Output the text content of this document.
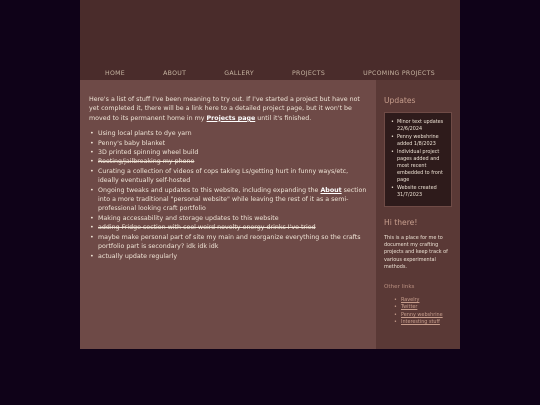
HOME	ABOUT	GALLERY	PROJECTS	UPCOMING PROJECTS

Here's a list of stuff I've been meaning to try out. If I've started a project but have not yet completed it, there will be a link here to a detailed project page, but it won't be moved to its permanent home in my Projects page until it's finished.

• Using local plants to dye yarn
• Penny's baby blanket
• 3D printed spinning wheel build
• Rooting/jailbreaking my phone
• Curating a collection of videos of cops taking Ls/getting hurt in funny ways/etc, ideally eventually self-hosted
• Ongoing tweaks and updates to this website, including expanding the About section into a more traditional "personal website" while leaving the rest of it as a semi-professional looking craft portfolio
• Making accessability and storage updates to this website
• adding Fridge section with cool weird novelty energy drinks I've tried
• maybe make personal part of site my main and reorganize everything so the crafts portfolio part is secondary? idk idk idk
• actually update regularly
Updates
• Minor text updates 22/6/2024
• Penny webshrine added 1/8/2023
• Individual project pages added and most recent embedded to front page
• Website created 31/7/2023
Hi there!

This is a place for me to document my crafting projects and keep track of various experimental methods.

Other links
• Ravelry
• Twitter
• Penny webshrine
• Interesting stuff
